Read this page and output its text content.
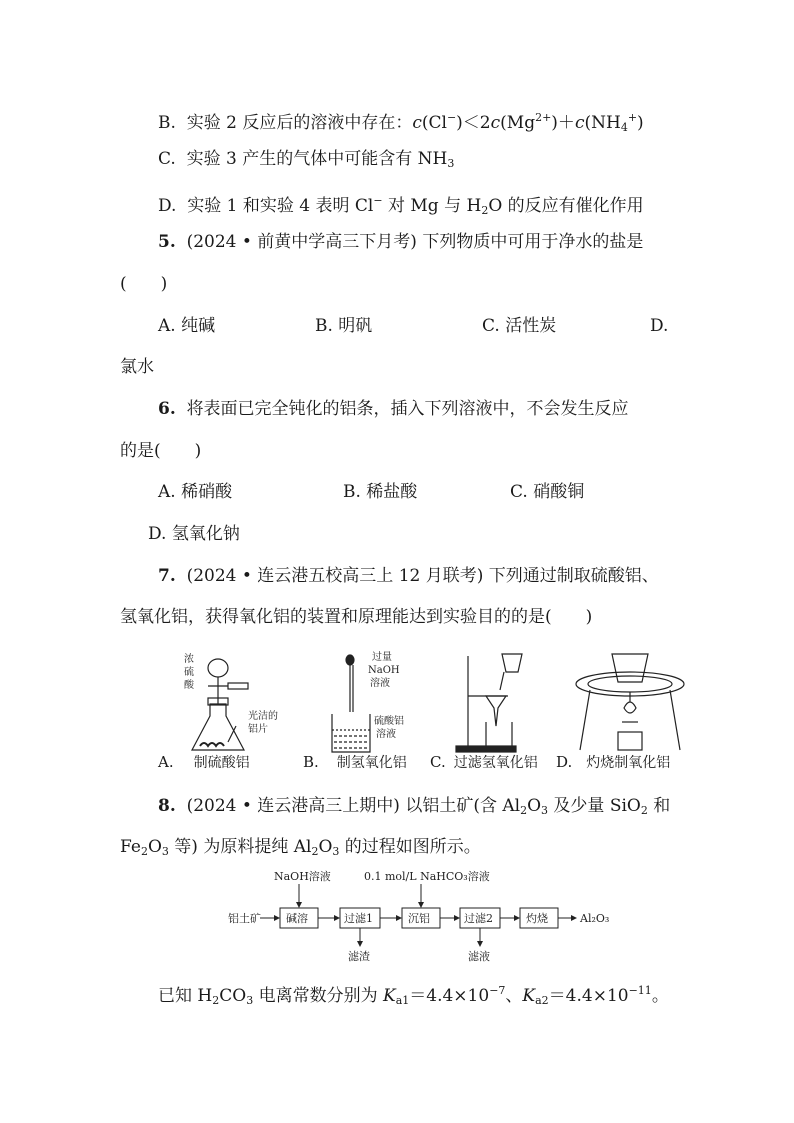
B. 实验 2 反应后的溶液中存在：$c(Cl^-)<2c(Mg^{2+})+c(NH4^+)$
C. 实验 3 产生的气体中可能含有 NH3
D. 实验 1 和实验 4 表明 Cl− 对 Mg 与 H2O 的反应有催化作用
5. (2024 • 前黄中学高三下月考) 下列物质中可用于净水的盐是
(　　)
A. 纯碱	B. 明矾	C. 活性炭	D.
氯水
6. 将表面已完全钝化的铝条，插入下列溶液中，不会发生反应
的是(　　)
A. 稀硝酸	B. 稀盐酸	C. 硝酸铜
D. 氢氧化钠
7. (2024 • 连云港五校高三上 12 月联考) 下列通过制取硫酸铝、
氢氧化铝，获得氧化铝的装置和原理能达到实验目的的是(　　)
浓
硫
酸
光洁的
铝片
过量
NaOH
溶液
硫酸铝
溶液
A. 制硫酸铝	B. 制氢氧化铝 C. 过滤氢氧化铝 D. 灼烧制氧化铝
8. (2024 • 连云港高三上期中) 以铝土矿(含 Al2O3 及少量 SiO2 和
Fe2O3 等) 为原料提纯 Al2O3 的过程如图所示。
铝土矿
NaOH溶液	0.1 mol/L NaHCO₃溶液
碱溶	过滤1	沉铝	过滤2	灼烧	Al₂O₃
滤渣	滤液
已知 H2CO3 电离常数分别为 $Ka1=4.4\times 10^{-7}$、$Ka2=4.4\times 10^{-11}$。
